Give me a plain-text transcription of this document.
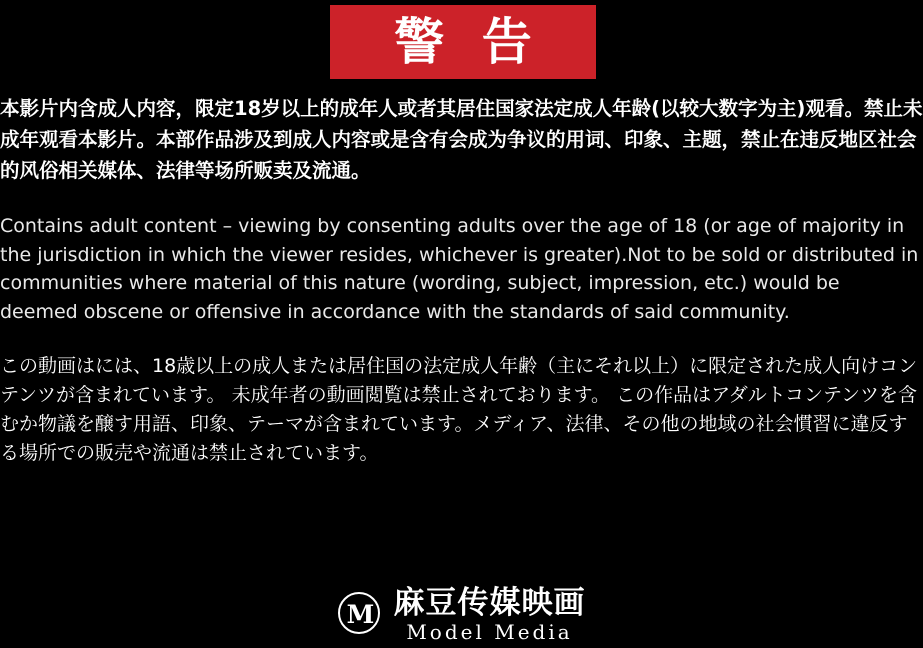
警 告

本影片内含成人内容，限定18岁以上的成年人或者其居住国家法定成人年龄(以较大数字为主)观看。禁止未成年观看本影片。本部作品涉及到成人内容或是含有会成为争议的用词、印象、主题，禁止在违反地区社会的风俗相关媒体、法律等场所贩卖及流通。

Contains adult content – viewing by consenting adults over the age of 18 (or age of majority in the jurisdiction in which the viewer resides, whichever is greater).Not to be sold or distributed in communities where material of this nature (wording, subject, impression, etc.) would be deemed obscene or offensive in accordance with the standards of said community.

この動画はには、18歳以上の成人または居住国の法定成人年齢（主にそれ以上）に限定された成人向けコンテンツが含まれています。 未成年者の動画閲覧は禁止されております。 この作品はアダルトコンテンツを含むか物議を醸す用語、印象、テーマが含まれています。メディア、法律、その他の地域の社会慣習に違反する場所での販売や流通は禁止されています。

M 麻豆传媒映画
Model Media
